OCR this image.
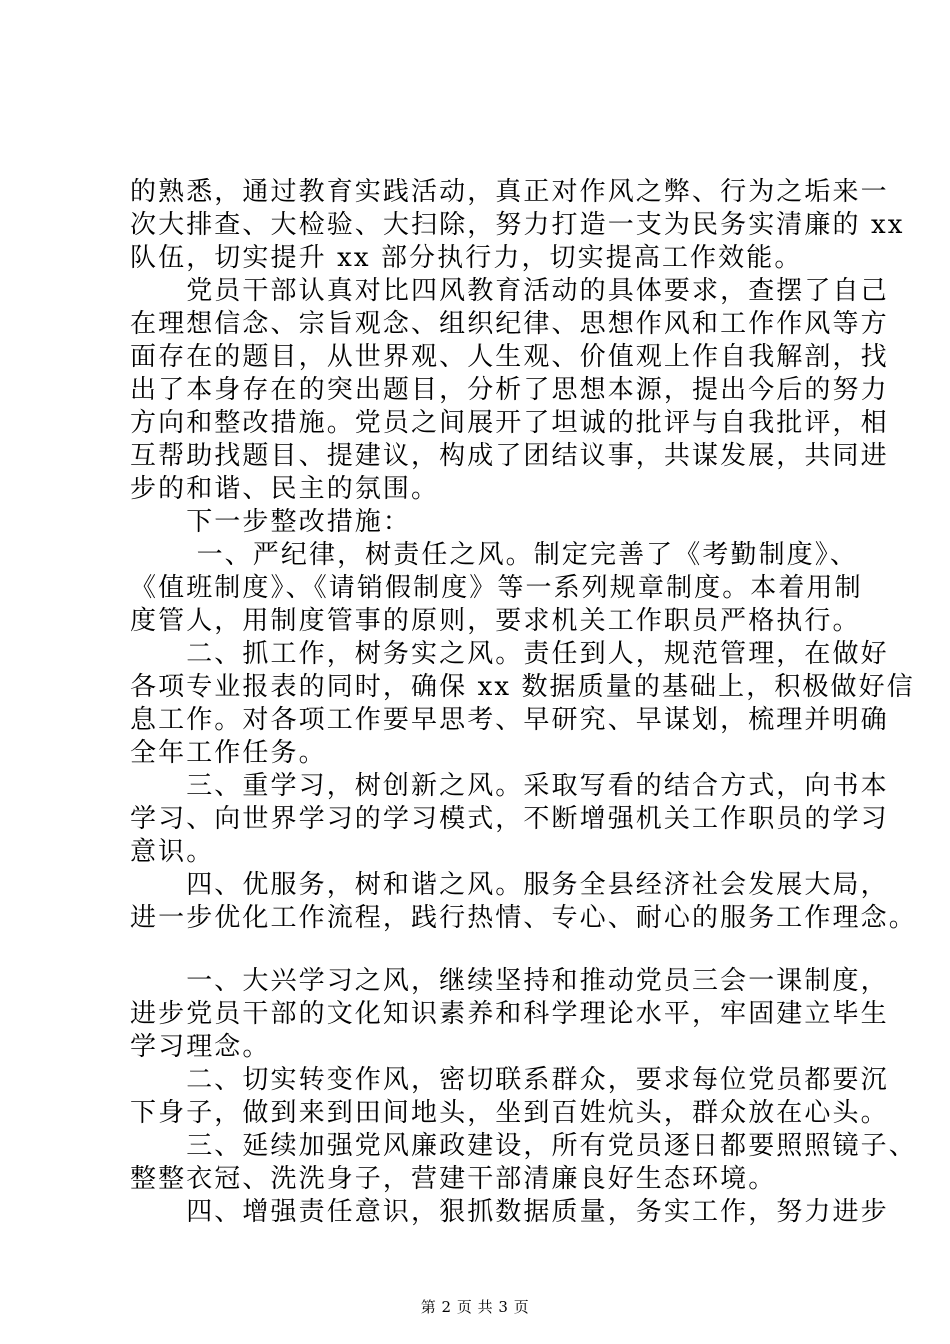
的熟悉，通过教育实践活动，真正对作风之弊、行为之垢来一
次大排查、大检验、大扫除，努力打造一支为民务实清廉的 xx
队伍，切实提升 xx 部分执行力，切实提高工作效能。
　　党员干部认真对比四风教育活动的具体要求，查摆了自己
在理想信念、宗旨观念、组织纪律、思想作风和工作作风等方
面存在的题目，从世界观、人生观、价值观上作自我解剖，找
出了本身存在的突出题目，分析了思想本源，提出今后的努力
方向和整改措施。党员之间展开了坦诚的批评与自我批评，相
互帮助找题目、提建议，构成了团结议事，共谋发展，共同进
步的和谐、民主的氛围。
　　下一步整改措施：
　　 一、严纪律，树责任之风。制定完善了《考勤制度》、
《值班制度》、《请销假制度》等一系列规章制度。本着用制
度管人，用制度管事的原则，要求机关工作职员严格执行。
　　二、抓工作，树务实之风。责任到人，规范管理，在做好
各项专业报表的同时，确保 xx 数据质量的基础上，积极做好信
息工作。对各项工作要早思考、早研究、早谋划，梳理并明确
全年工作任务。
　　三、重学习，树创新之风。采取写看的结合方式，向书本
学习、向世界学习的学习模式，不断增强机关工作职员的学习
意识。
　　四、优服务，树和谐之风。服务全县经济社会发展大局，
进一步优化工作流程，践行热情、专心、耐心的服务工作理念。
　　一、大兴学习之风，继续坚持和推动党员三会一课制度，
进步党员干部的文化知识素养和科学理论水平，牢固建立毕生
学习理念。
　　二、切实转变作风，密切联系群众，要求每位党员都要沉
下身子，做到来到田间地头，坐到百姓炕头，群众放在心头。
　　三、延续加强党风廉政建设，所有党员逐日都要照照镜子、
整整衣冠、洗洗身子，营建干部清廉良好生态环境。
　　四、增强责任意识，狠抓数据质量，务实工作，努力进步
第 2 页 共 3 页
